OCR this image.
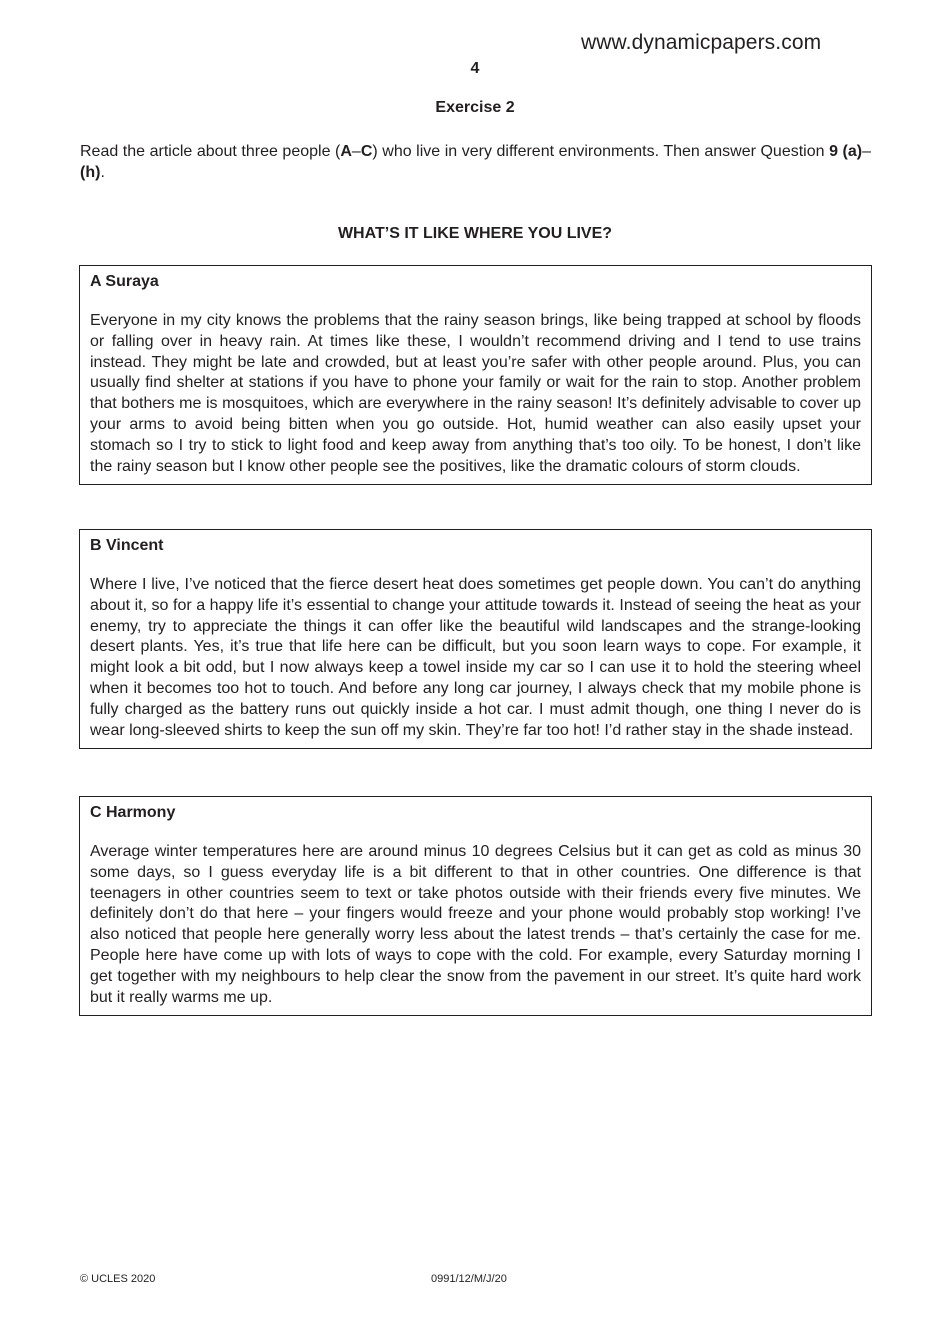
www.dynamicpapers.com
4
Exercise 2

Read the article about three people (A–C) who live in very different environments. Then answer Question 9 (a)–(h).

WHAT’S IT LIKE WHERE YOU LIVE?

A Suraya

Everyone in my city knows the problems that the rainy season brings, like being trapped at school by floods or falling over in heavy rain. At times like these, I wouldn’t recommend driving and I tend to use trains instead. They might be late and crowded, but at least you’re safer with other people around. Plus, you can usually find shelter at stations if you have to phone your family or wait for the rain to stop. Another problem that bothers me is mosquitoes, which are everywhere in the rainy season! It’s definitely advisable to cover up your arms to avoid being bitten when you go outside. Hot, humid weather can also easily upset your stomach so I try to stick to light food and keep away from anything that’s too oily. To be honest, I don’t like the rainy season but I know other people see the positives, like the dramatic colours of storm clouds.

B Vincent

Where I live, I’ve noticed that the fierce desert heat does sometimes get people down. You can’t do anything about it, so for a happy life it’s essential to change your attitude towards it. Instead of seeing the heat as your enemy, try to appreciate the things it can offer like the beautiful wild landscapes and the strange-looking desert plants. Yes, it’s true that life here can be difficult, but you soon learn ways to cope. For example, it might look a bit odd, but I now always keep a towel inside my car so I can use it to hold the steering wheel when it becomes too hot to touch. And before any long car journey, I always check that my mobile phone is fully charged as the battery runs out quickly inside a hot car. I must admit though, one thing I never do is wear long-sleeved shirts to keep the sun off my skin. They’re far too hot! I’d rather stay in the shade instead.

C Harmony

Average winter temperatures here are around minus 10 degrees Celsius but it can get as cold as minus 30 some days, so I guess everyday life is a bit different to that in other countries. One difference is that teenagers in other countries seem to text or take photos outside with their friends every five minutes. We definitely don’t do that here – your fingers would freeze and your phone would probably stop working! I’ve also noticed that people here generally worry less about the latest trends – that’s certainly the case for me. People here have come up with lots of ways to cope with the cold. For example, every Saturday morning I get together with my neighbours to help clear the snow from the pavement in our street. It’s quite hard work but it really warms me up.

© UCLES 2020	0991/12/M/J/20
